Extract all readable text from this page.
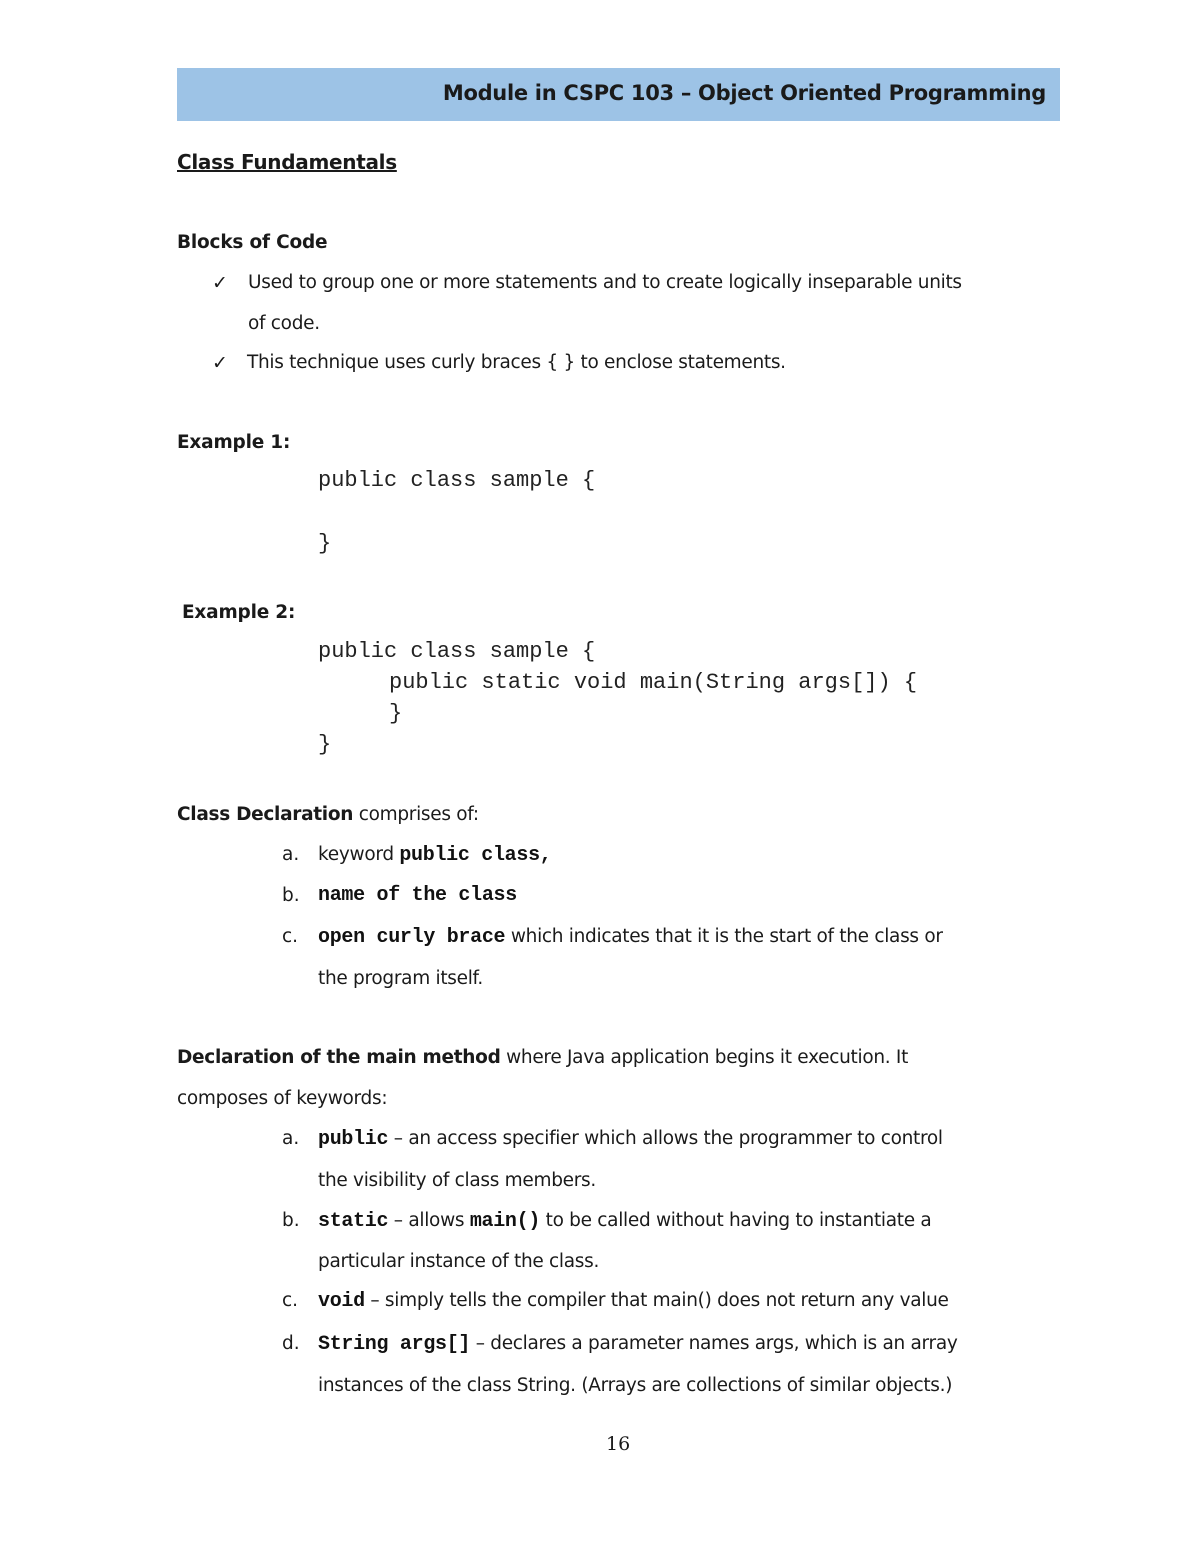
Module in CSPC 103 – Object Oriented Programming
Class Fundamentals
Blocks of Code
✓ Used to group one or more statements and to create logically inseparable units
of code.
✓ This technique uses curly braces { } to enclose statements.
Example 1:
public class sample {
}
Example 2:
public class sample {
public static void main(String args[]) {
}
}
Class Declaration comprises of:
a. keyword public class,
b. name of the class
c. open curly brace which indicates that it is the start of the class or
the program itself.
Declaration of the main method where Java application begins it execution. It
composes of keywords:
a. public – an access specifier which allows the programmer to control
the visibility of class members.
b. static – allows main() to be called without having to instantiate a
particular instance of the class.
c. void – simply tells the compiler that main() does not return any value
d. String args[] – declares a parameter names args, which is an array
instances of the class String. (Arrays are collections of similar objects.)
16
